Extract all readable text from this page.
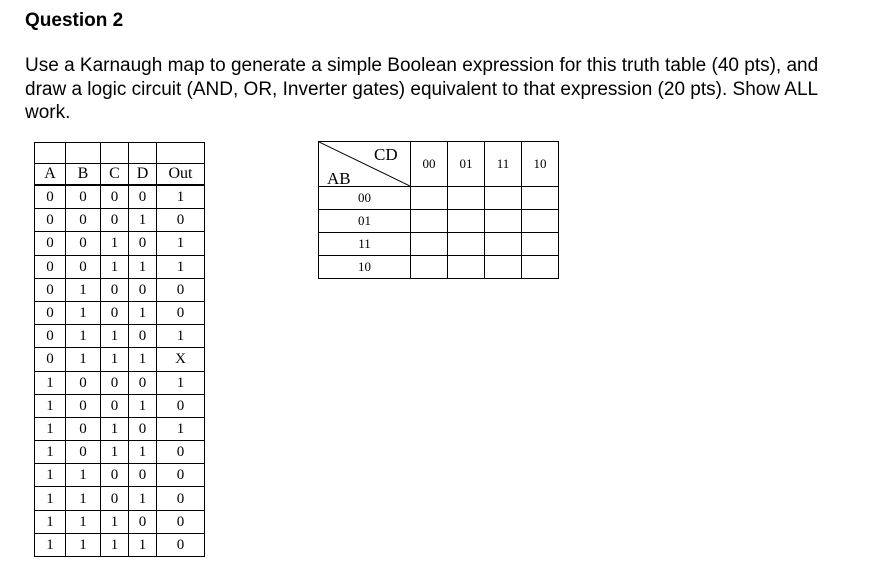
Question 2
Use a Karnaugh map to generate a simple Boolean expression for this truth table (40 pts), and draw a logic circuit (AND, OR, Inverter gates) equivalent to that expression (20 pts). Show ALL work.

A	B	C	D	Out
0	0	0	0	1
0	0	0	1	0
0	0	1	0	1
0	0	1	1	1
0	1	0	0	0
0	1	0	1	0
0	1	1	0	1
0	1	1	1	X
1	0	0	0	1
1	0	0	1	0
1	0	1	0	1
1	0	1	1	0
1	1	0	0	0
1	1	0	1	0
1	1	1	0	0
1	1	1	1	0
CD
AB	00	01	11	10
00				
01				
11				
10				
